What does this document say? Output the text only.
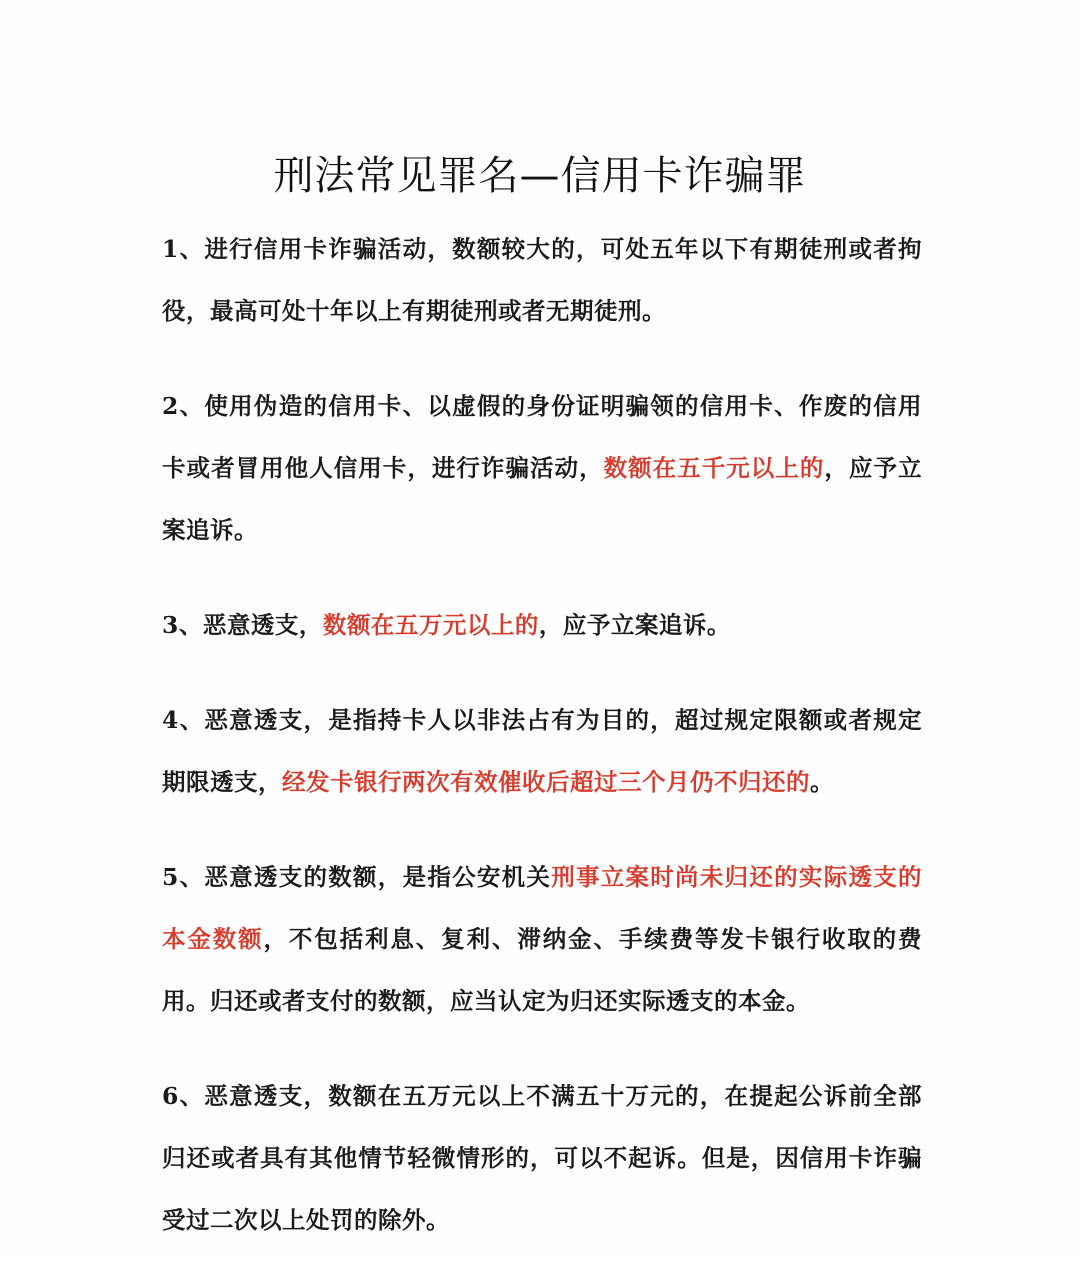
刑法常见罪名—信用卡诈骗罪

1、进行信用卡诈骗活动，数额较大的，可处五年以下有期徒刑或者拘役，最高可处十年以上有期徒刑或者无期徒刑。

2、使用伪造的信用卡、以虚假的身份证明骗领的信用卡、作废的信用卡或者冒用他人信用卡，进行诈骗活动，数额在五千元以上的，应予立案追诉。

3、恶意透支，数额在五万元以上的，应予立案追诉。

4、恶意透支，是指持卡人以非法占有为目的，超过规定限额或者规定期限透支，经发卡银行两次有效催收后超过三个月仍不归还的。

5、恶意透支的数额，是指公安机关刑事立案时尚未归还的实际透支的本金数额，不包括利息、复利、滞纳金、手续费等发卡银行收取的费用。归还或者支付的数额，应当认定为归还实际透支的本金。

6、恶意透支，数额在五万元以上不满五十万元的，在提起公诉前全部归还或者具有其他情节轻微情形的，可以不起诉。但是，因信用卡诈骗受过二次以上处罚的除外。
